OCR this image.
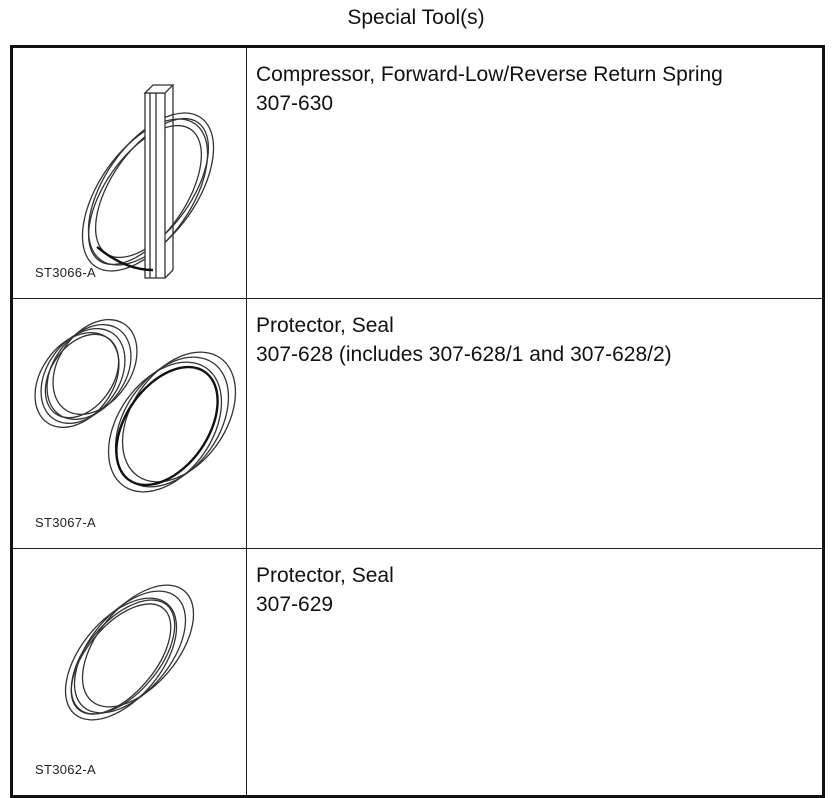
Special Tool(s)
ST3066-A	Compressor, Forward-Low/Reverse Return Spring
307-630

ST3067-A	Protector, Seal
307-628 (includes 307-628/1 and 307-628/2)

ST3062-A	Protector, Seal
307-629
